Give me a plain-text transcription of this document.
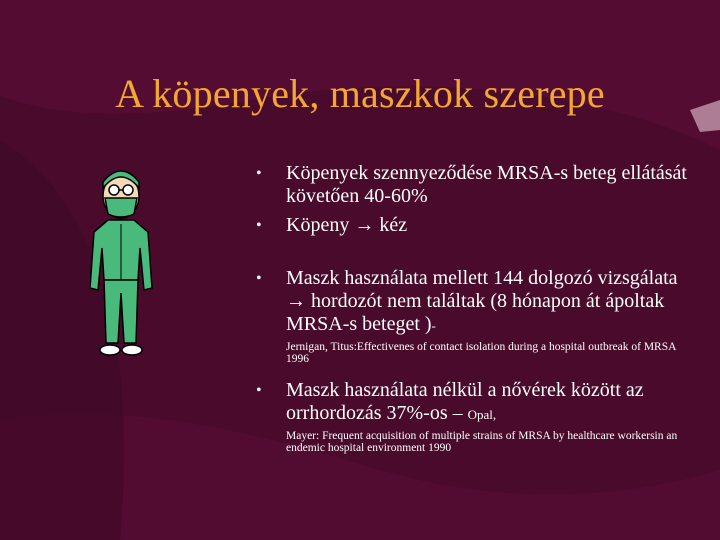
A köpenyek, maszkok szerepe
• Köpenyek szennyeződése MRSA-s beteg ellátását követően 40-60%
• Köpeny → kéz
• Maszk használata mellett 144 dolgozó vizsgálata → hordozót nem találtak (8 hónapon át ápoltak MRSA-s beteget )-
Jernigan, Titus:Effectivenes of contact isolation during a hospital outbreak of MRSA 1996
• Maszk használata nélkül a nővérek között az orrhordozás 37%-os – Opal,
Mayer: Frequent acquisition of multiple strains of MRSA by healthcare workersin an endemic hospital environment 1990
